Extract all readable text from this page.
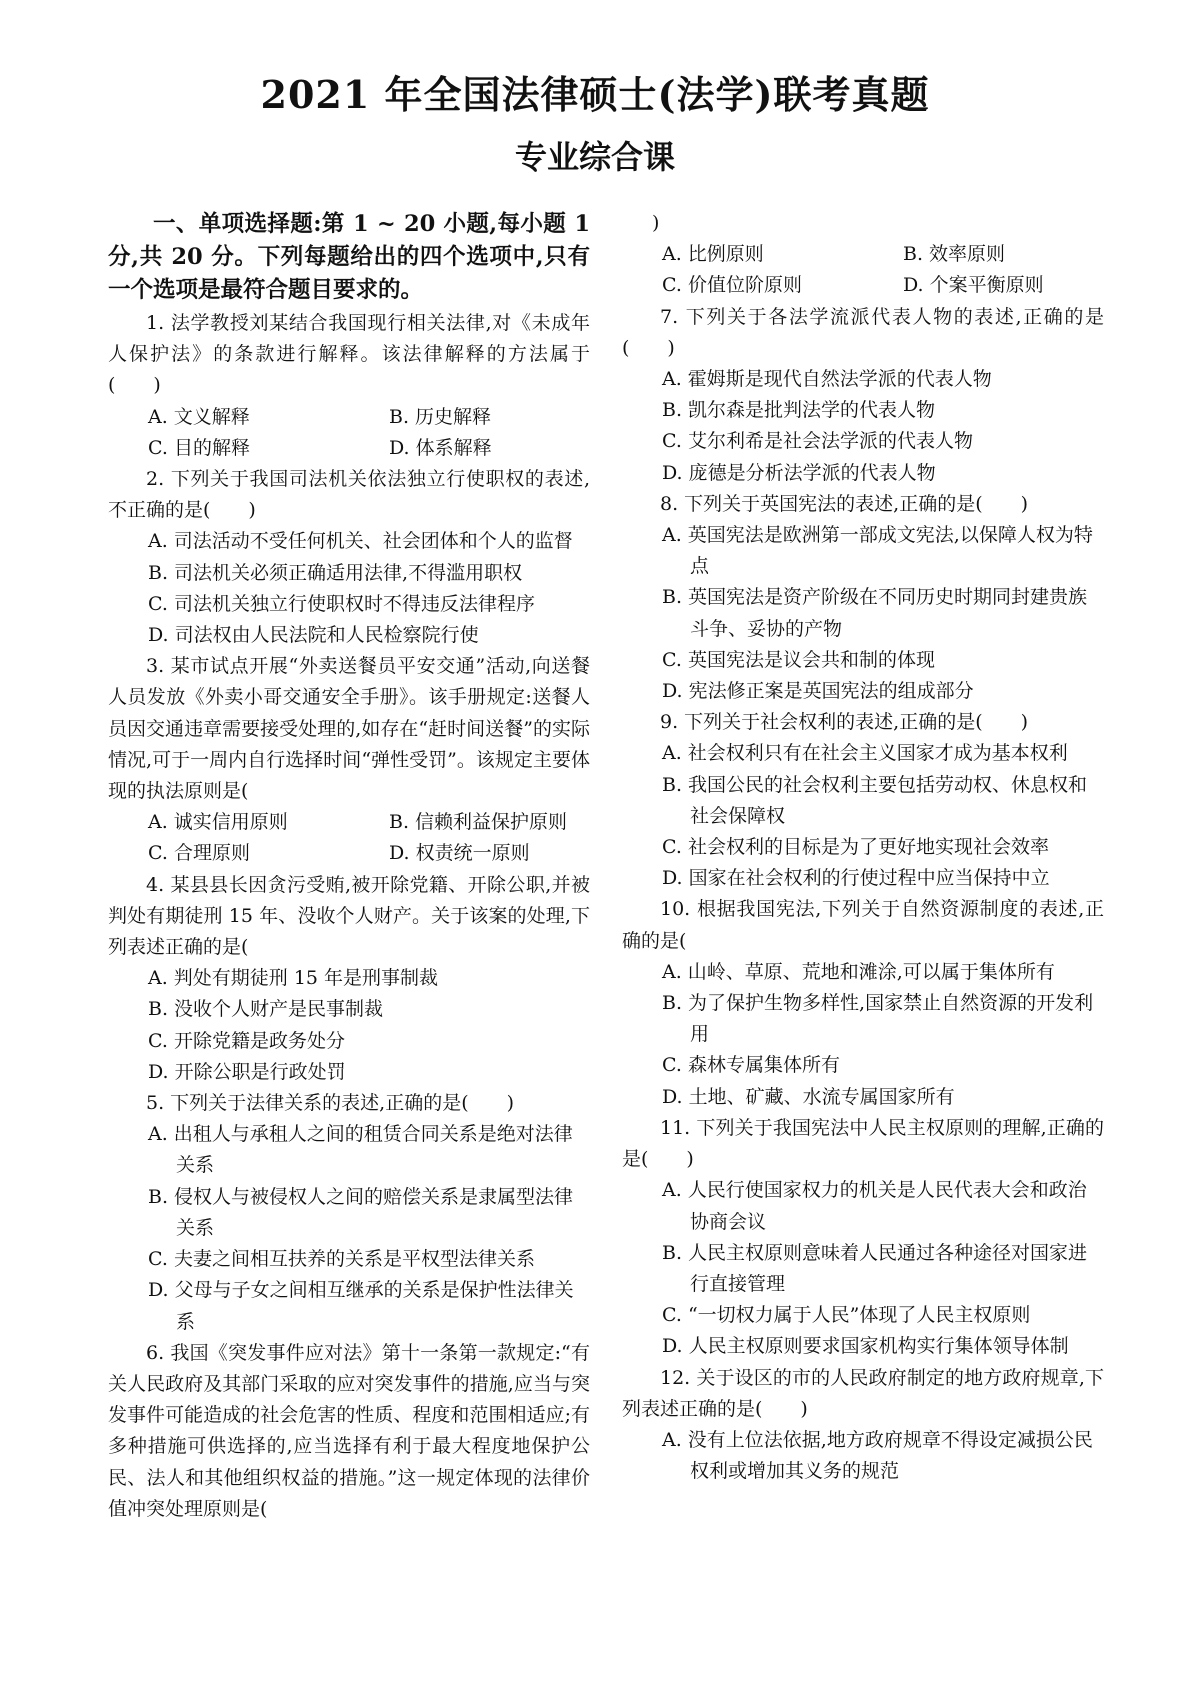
2021 年全国法律硕士(法学)联考真题
专业综合课

一、单项选择题:第 1 ~ 20 小题,每小题 1 分,共 20 分。下列每题给出的四个选项中,只有一个选项是最符合题目要求的。

1. 法学教授刘某结合我国现行相关法律,对《未成年人保护法》的条款进行解释。该法律解释的方法属于(　　)

A. 文义解释	B. 历史解释
C. 目的解释	D. 体系解释

2. 下列关于我国司法机关依法独立行使职权的表述,不正确的是(　　)

A. 司法活动不受任何机关、社会团体和个人的监督

B. 司法机关必须正确适用法律,不得滥用职权

C. 司法机关独立行使职权时不得违反法律程序

D. 司法权由人民法院和人民检察院行使

3. 某市试点开展“外卖送餐员平安交通”活动,向送餐人员发放《外卖小哥交通安全手册》。该手册规定:送餐人员因交通违章需要接受处理的,如存在“赶时间送餐”的实际情况,可于一周内自行选择时间“弹性受罚”。该规定主要体现的执法原则是(

A. 诚实信用原则	B. 信赖利益保护原则
C. 合理原则	D. 权责统一原则

4. 某县县长因贪污受贿,被开除党籍、开除公职,并被判处有期徒刑 15 年、没收个人财产。关于该案的处理,下列表述正确的是(

A. 判处有期徒刑 15 年是刑事制裁

B. 没收个人财产是民事制裁

C. 开除党籍是政务处分

D. 开除公职是行政处罚

5. 下列关于法律关系的表述,正确的是(　　)

A. 出租人与承租人之间的租赁合同关系是绝对法律关系

B. 侵权人与被侵权人之间的赔偿关系是隶属型法律关系

C. 夫妻之间相互扶养的关系是平权型法律关系

D. 父母与子女之间相互继承的关系是保护性法律关系

6. 我国《突发事件应对法》第十一条第一款规定:“有关人民政府及其部门采取的应对突发事件的措施,应当与突发事件可能造成的社会危害的性质、程度和范围相适应;有多种措施可供选择的,应当选择有利于最大程度地保护公民、法人和其他组织权益的措施。”这一规定体现的法律价值冲突处理原则是(

)

A. 比例原则	B. 效率原则
C. 价值位阶原则	D. 个案平衡原则

7. 下列关于各法学流派代表人物的表述,正确的是(　　)

A. 霍姆斯是现代自然法学派的代表人物

B. 凯尔森是批判法学的代表人物

C. 艾尔利希是社会法学派的代表人物

D. 庞德是分析法学派的代表人物

8. 下列关于英国宪法的表述,正确的是(　　)

A. 英国宪法是欧洲第一部成文宪法,以保障人权为特点

B. 英国宪法是资产阶级在不同历史时期同封建贵族斗争、妥协的产物

C. 英国宪法是议会共和制的体现

D. 宪法修正案是英国宪法的组成部分

9. 下列关于社会权利的表述,正确的是(　　)

A. 社会权利只有在社会主义国家才成为基本权利

B. 我国公民的社会权利主要包括劳动权、休息权和社会保障权

C. 社会权利的目标是为了更好地实现社会效率

D. 国家在社会权利的行使过程中应当保持中立

10. 根据我国宪法,下列关于自然资源制度的表述,正确的是(

A. 山岭、草原、荒地和滩涂,可以属于集体所有

B. 为了保护生物多样性,国家禁止自然资源的开发利用

C. 森林专属集体所有

D. 土地、矿藏、水流专属国家所有

11. 下列关于我国宪法中人民主权原则的理解,正确的是(　　)

A. 人民行使国家权力的机关是人民代表大会和政治协商会议

B. 人民主权原则意味着人民通过各种途径对国家进行直接管理

C. “一切权力属于人民”体现了人民主权原则

D. 人民主权原则要求国家机构实行集体领导体制

12. 关于设区的市的人民政府制定的地方政府规章,下列表述正确的是(　　)

A. 没有上位法依据,地方政府规章不得设定减损公民权利或增加其义务的规范
